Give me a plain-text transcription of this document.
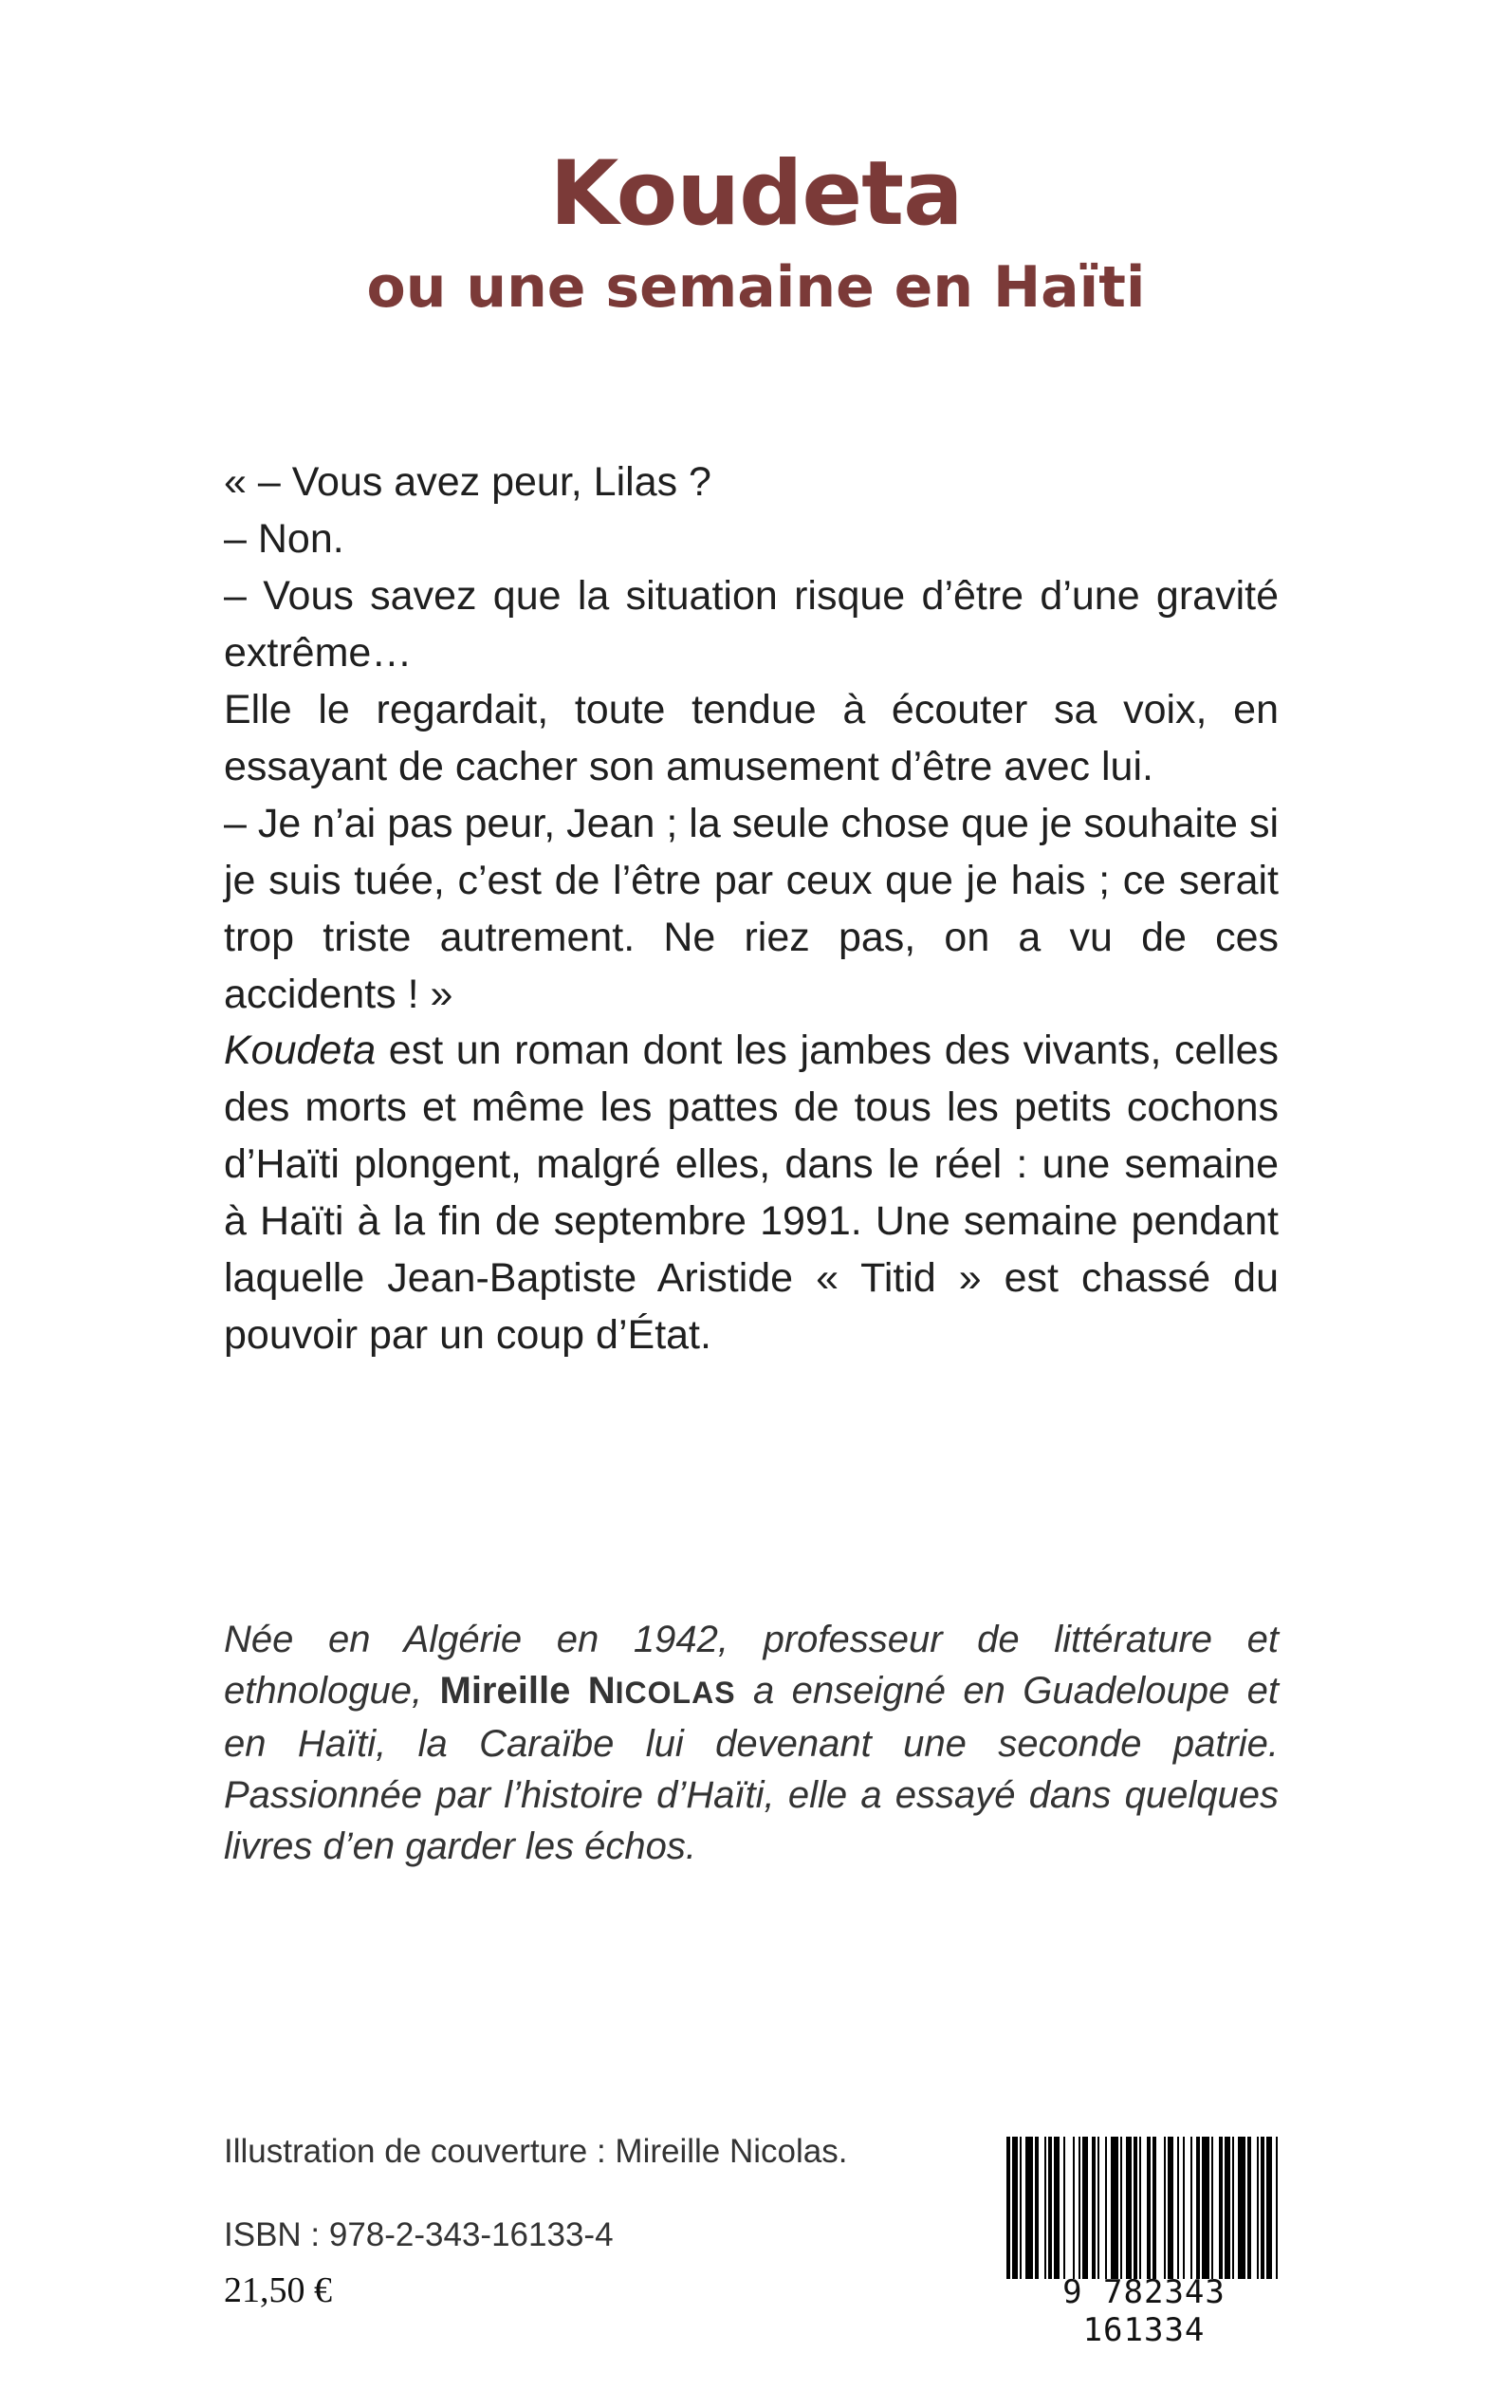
Koudeta
ou une semaine en Haïti

« – Vous avez peur, Lilas ?

– Non.

– Vous savez que la situation risque d’être d’une gravité extrême…

Elle le regardait, toute tendue à écouter sa voix, en essayant de cacher son amusement d’être avec lui.

– Je n’ai pas peur, Jean ; la seule chose que je souhaite si je suis tuée, c’est de l’être par ceux que je hais ; ce serait trop triste autrement. Ne riez pas, on a vu de ces accidents ! »

Koudeta est un roman dont les jambes des vivants, celles des morts et même les pattes de tous les petits cochons d’Haïti plongent, malgré elles, dans le réel : une semaine à Haïti à la fin de septembre 1991. Une semaine pendant laquelle Jean-Baptiste Aristide « Titid » est chassé du pouvoir par un coup d’État.

Née en Algérie en 1942, professeur de littérature et ethnologue, Mireille NICOLAS a enseigné en Guadeloupe et en Haïti, la Caraïbe lui devenant une seconde patrie. Passionnée par l’histoire d’Haïti, elle a essayé dans quelques livres d’en garder les échos.

Illustration de couverture : Mireille Nicolas.

ISBN : 978-2-343-16133-4

21,50 €	9 782343 161334
